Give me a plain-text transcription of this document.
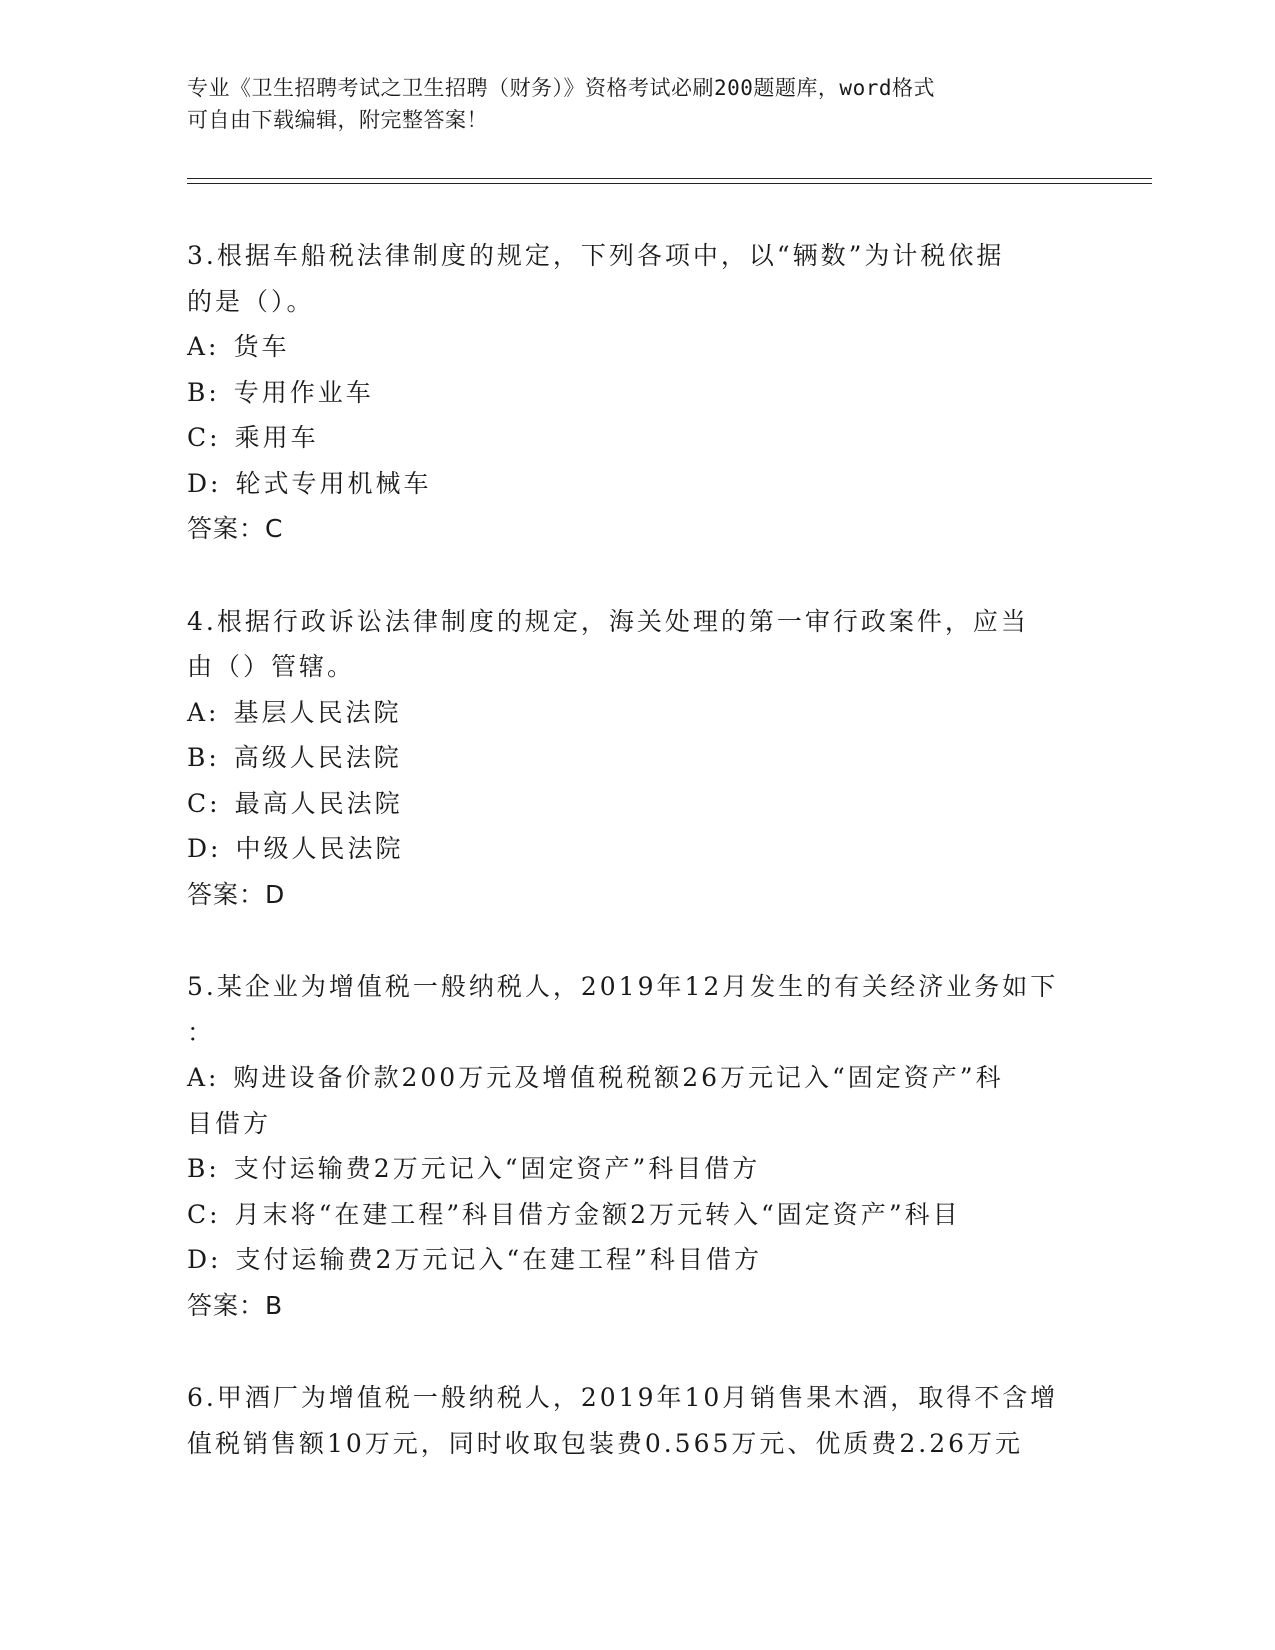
专业《卫生招聘考试之卫生招聘（财务）》资格考试必刷200题题库，word格式
可自由下载编辑，附完整答案！

3.根据车船税法律制度的规定，下列各项中，以“辆数”为计税依据

的是（）。

A: 货车

B: 专用作业车

C: 乘用车

D: 轮式专用机械车

答案：C

4.根据行政诉讼法律制度的规定，海关处理的第一审行政案件，应当

由（）管辖。

A: 基层人民法院

B: 高级人民法院

C: 最高人民法院

D: 中级人民法院

答案：D

5.某企业为增值税一般纳税人，2019年12月发生的有关经济业务如下

：

A: 购进设备价款200万元及增值税税额26万元记入“固定资产”科

目借方

B: 支付运输费2万元记入“固定资产”科目借方

C: 月末将“在建工程”科目借方金额2万元转入“固定资产”科目

D: 支付运输费2万元记入“在建工程”科目借方

答案：B

6.甲酒厂为增值税一般纳税人，2019年10月销售果木酒，取得不含增

值税销售额10万元，同时收取包装费0.565万元、优质费2.26万元
